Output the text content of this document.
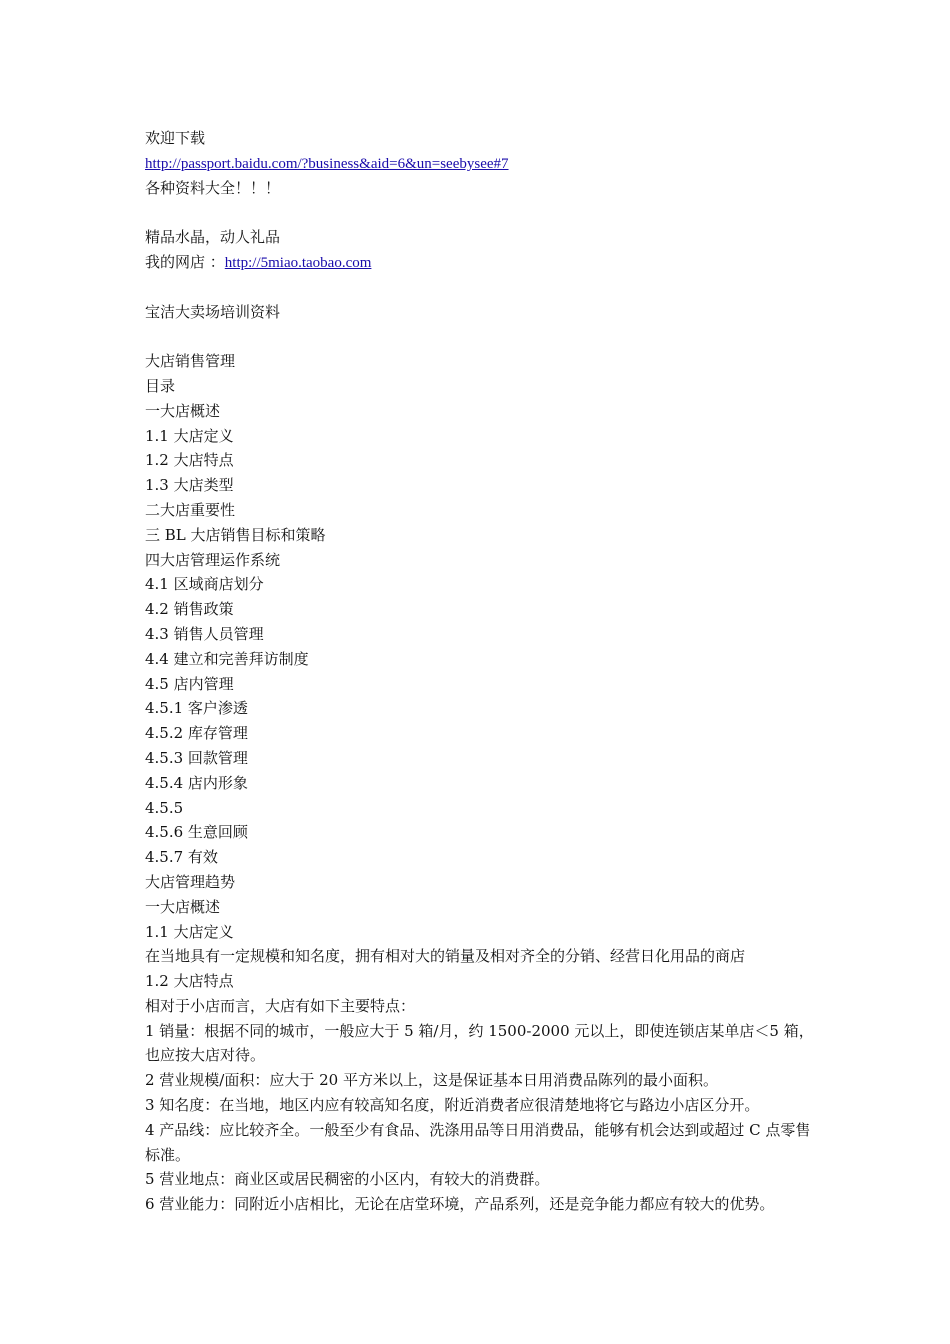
欢迎下载
http://passport.baidu.com/?business&aid=6&un=seebysee#7
各种资料大全！！！
精品水晶，动人礼品
我的网店 ：http://5miao.taobao.com
宝洁大卖场培训资料
大店销售管理
目录
一大店概述
1.1 大店定义
1.2 大店特点
1.3 大店类型
二大店重要性
三 BL 大店销售目标和策略
四大店管理运作系统
4.1 区域商店划分
4.2 销售政策
4.3 销售人员管理
4.4 建立和完善拜访制度
4.5 店内管理
4.5.1 客户渗透
4.5.2 库存管理
4.5.3 回款管理
4.5.4 店内形象
4.5.5
4.5.6 生意回顾
4.5.7 有效
大店管理趋势
一大店概述
1.1 大店定义
在当地具有一定规模和知名度，拥有相对大的销量及相对齐全的分销、经营日化用品的商店
1.2 大店特点
相对于小店而言，大店有如下主要特点：
1 销量：根据不同的城市，一般应大于 5 箱/月，约 1500-2000 元以上，即使连锁店某单店＜5 箱，也应按大店对待。
2 营业规模/面积：应大于 20 平方米以上，这是保证基本日用消费品陈列的最小面积。
3 知名度：在当地，地区内应有较高知名度，附近消费者应很清楚地将它与路边小店区分开。
4 产品线：应比较齐全。一般至少有食品、洗涤用品等日用消费品，能够有机会达到或超过 C 点零售标准。
5 营业地点：商业区或居民稠密的小区内，有较大的消费群。
6 营业能力：同附近小店相比，无论在店堂环境，产品系列，还是竞争能力都应有较大的优势。
